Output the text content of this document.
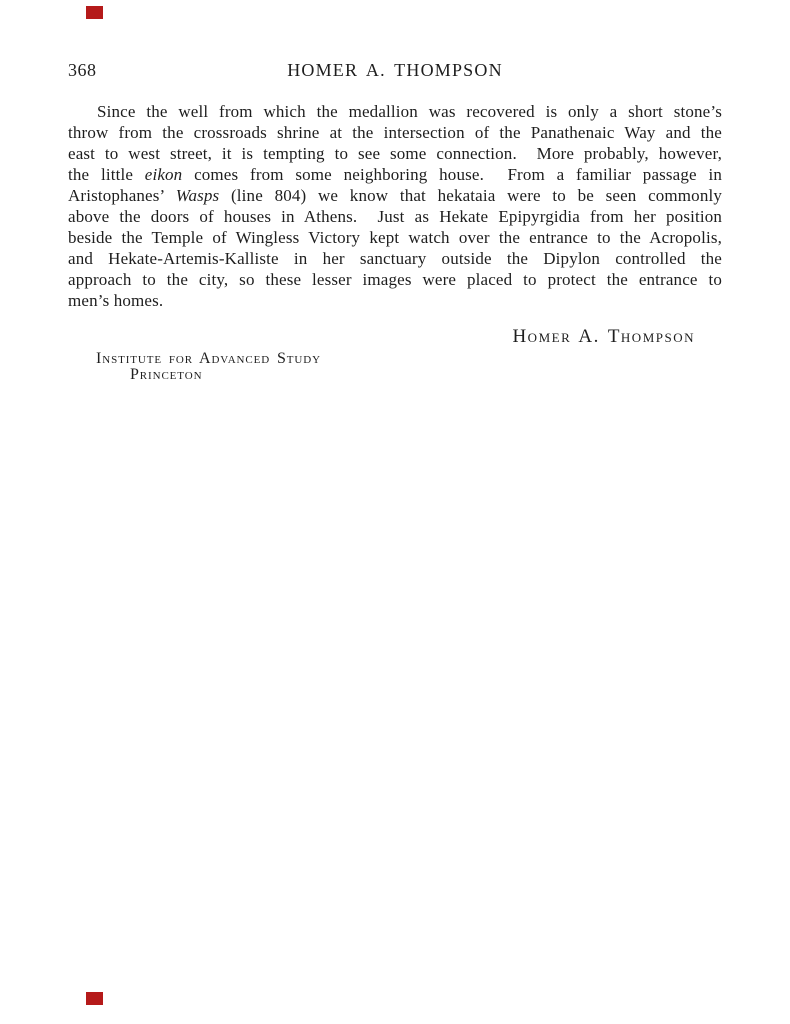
368	HOMER A. THOMPSON
Since the well from which the medallion was recovered is only a short stone’s
throw from the crossroads shrine at the intersection of the Panathenaic Way and the
east to west street, it is tempting to see some connection.  More probably, however,
the little eikon comes from some neighboring house.  From a familiar passage in
Aristophanes’ Wasps (line 804) we know that hekataia were to be seen commonly
above the doors of houses in Athens.  Just as Hekate Epipyrgidia from her position
beside the Temple of Wingless Victory kept watch over the entrance to the Acropolis,
and Hekate-Artemis-Kalliste in her sanctuary outside the Dipylon controlled the
approach to the city, so these lesser images were placed to protect the entrance to
men’s homes.
Homer A. Thompson
Institute for Advanced Study
Princeton
